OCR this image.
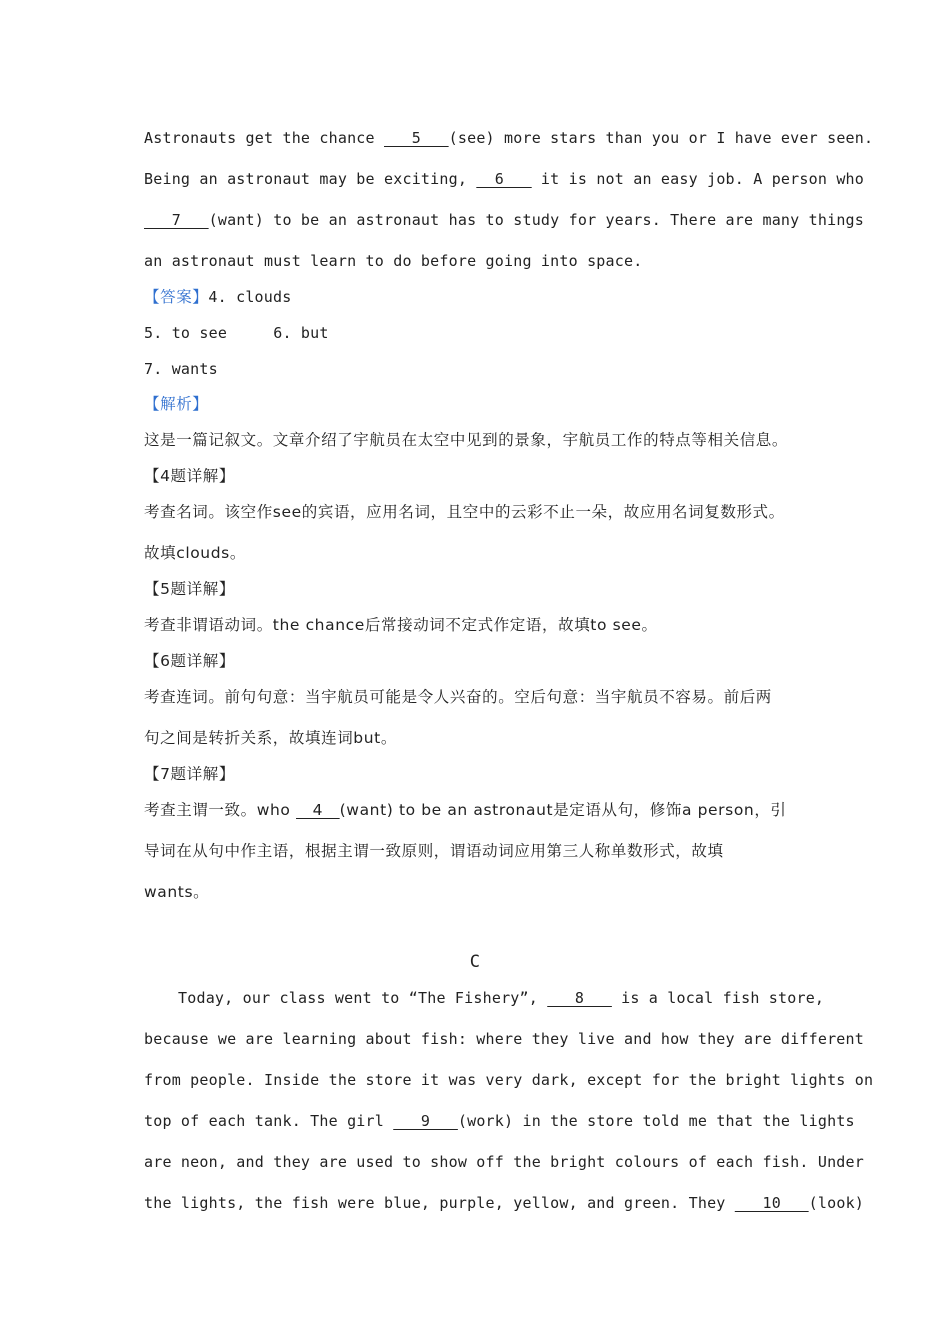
Astronauts get the chance    5   (see) more stars than you or I have ever seen.
Being an astronaut may be exciting,   6    it is not an easy job. A person who
7   (want) to be an astronaut has to study for years. There are many things
an astronaut must learn to do before going into space.
【答案】4. clouds
5. to see	6. but
7. wants
【解析】
这是一篇记叙文。文章介绍了宇航员在太空中见到的景象，宇航员工作的特点等相关信息。
【4题详解】
考查名词。该空作see的宾语，应用名词，且空中的云彩不止一朵，故应用名词复数形式。
故填clouds。
【5题详解】
考查非谓语动词。the chance后常接动词不定式作定语，故填to see。
【6题详解】
考查连词。前句句意：当宇航员可能是令人兴奋的。空后句意：当宇航员不容易。前后两
句之间是转折关系，故填连词but。
【7题详解】
考查主谓一致。who    4   (want) to be an astronaut是定语从句，修饰a person，引
导词在从句中作主语，根据主谓一致原则，谓语动词应用第三人称单数形式，故填
wants。
C
Today, our class went to “The Fishery”,    8    is a local fish store,
because we are learning about fish: where they live and how they are different
from people. Inside the store it was very dark, except for the bright lights on
top of each tank. The girl    9   (work) in the store told me that the lights
are neon, and they are used to show off the bright colours of each fish. Under
the lights, the fish were blue, purple, yellow, and green. They    10   (look)
